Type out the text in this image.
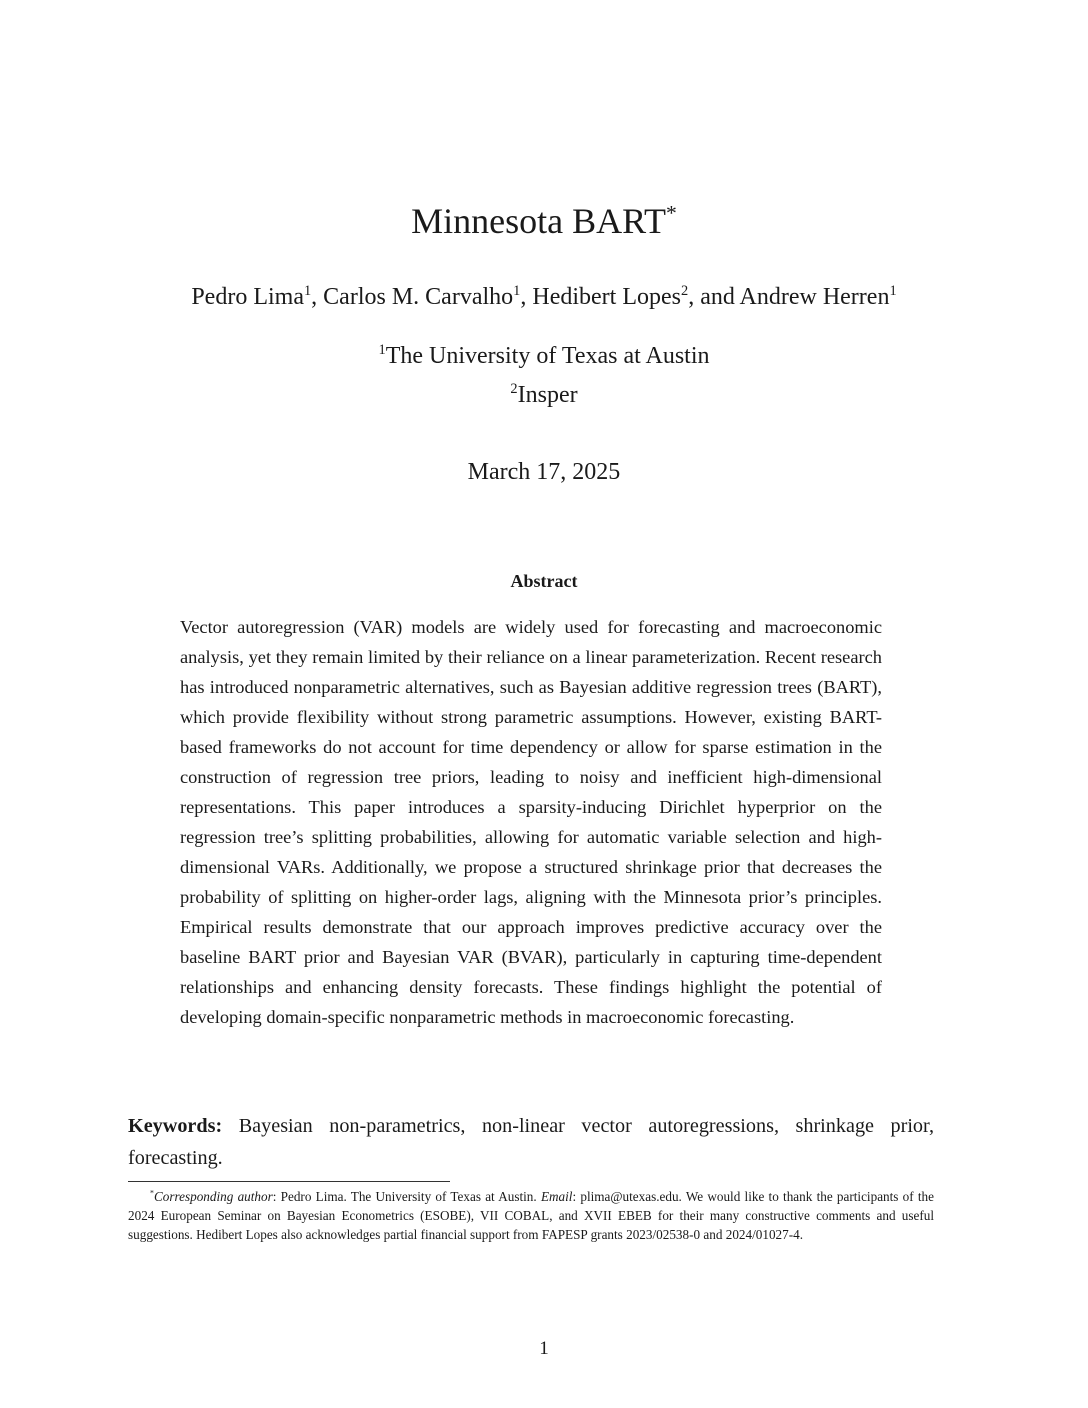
Minnesota BART*
Pedro Lima$^1$, Carlos M. Carvalho$^1$, Hedibert Lopes$^2$, and Andrew Herren$^1$
$^1$The University of Texas at Austin
$^2$Insper
March 17, 2025
Abstract

Vector autoregression (VAR) models are widely used for forecasting and macroeconomic analysis, yet they remain limited by their reliance on a linear parameterization. Recent research has introduced nonparametric alternatives, such as Bayesian additive regression trees (BART), which provide flexibility without strong parametric assumptions. However, existing BART-based frameworks do not account for time dependency or allow for sparse estimation in the construction of regression tree priors, leading to noisy and inefficient high-dimensional representations. This paper introduces a sparsity-inducing Dirichlet hyperprior on the regression tree’s splitting probabilities, allowing for automatic variable selection and high-dimensional VARs. Additionally, we propose a structured shrinkage prior that decreases the probability of splitting on higher-order lags, aligning with the Minnesota prior’s principles. Empirical results demonstrate that our approach improves predictive accuracy over the baseline BART prior and Bayesian VAR (BVAR), particularly in capturing time-dependent relationships and enhancing density forecasts. These findings highlight the potential of developing domain-specific nonparametric methods in macroeconomic forecasting.

Keywords: Bayesian non-parametrics, non-linear vector autoregressions, shrinkage prior, forecasting.

*Corresponding author: Pedro Lima. The University of Texas at Austin. Email: plima@utexas.edu. We would like to thank the participants of the 2024 European Seminar on Bayesian Econometrics (ESOBE), VII COBAL, and XVII EBEB for their many constructive comments and useful suggestions. Hedibert Lopes also acknowledges partial financial support from FAPESP grants 2023/02538-0 and 2024/01027-4.

1
